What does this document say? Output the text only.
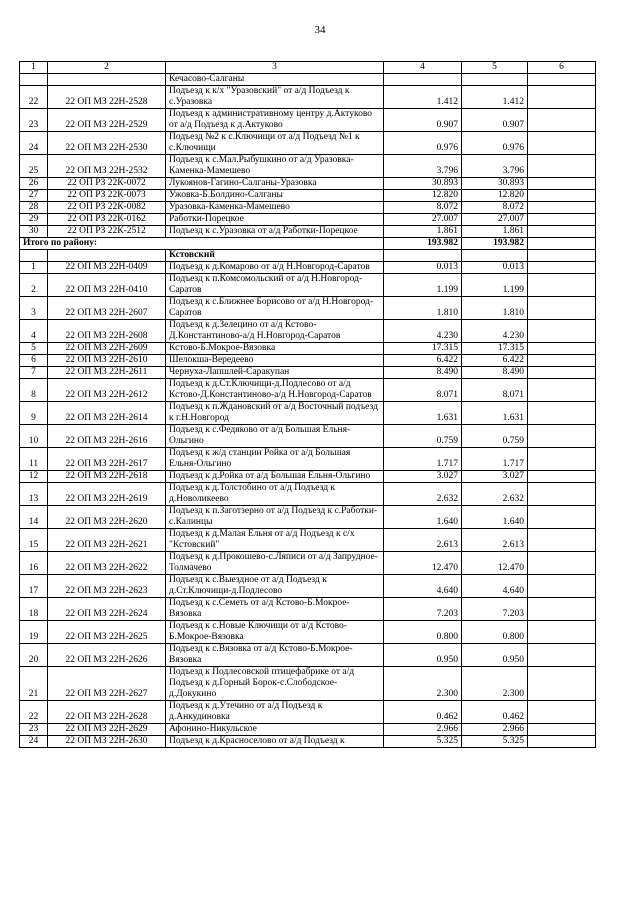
34
1	2	3	4	5	6
		Кечасово-Салганы			
22	22 ОП МЗ 22Н-2528	Подъезд к к/х "Уразовский" от а/д Подъезд к с.Уразовка	1.412	1.412	
23	22 ОП МЗ 22Н-2529	Подъезд к административному центру д.Актуково от а/д Подъезд к д.Актуково	0.907	0.907	
24	22 ОП МЗ 22Н-2530	Подъезд №2 к с.Ключищи от а/д Подъезд №1 к с.Ключищи	0.976	0.976	
25	22 ОП МЗ 22Н-2532	Подъезд к с.Мал.Рыбушкино от а/д Уразовка-Каменка-Мамешево	3.796	3.796	
26	22 ОП РЗ 22К-0072	Лукоянов-Гагино-Салганы-Уразовка	30.893	30.893	
27	22 ОП РЗ 22К-0073	Ужовка-Б.Болдино-Салганы	12.820	12.820	
28	22 ОП РЗ 22К-0082	Уразовка-Каменка-Мамешево	8.072	8.072	
29	22 ОП РЗ 22К-0162	Работки-Порецкое	27.007	27.007	
30	22 ОП РЗ 22К-2512	Подъезд к с.Уразовка от а/д Работки-Порецкое	1.861	1.861	
Итого по району:			193.982	193.982	
		Кстовский			
1	22 ОП МЗ 22Н-0409	Подъезд к д.Комарово от а/д Н.Новгород-Саратов	0.013	0.013	
2	22 ОП МЗ 22Н-0410	Подъезд к п.Комсомольский от а/д Н.Новгород-Саратов	1.199	1.199	
3	22 ОП МЗ 22Н-2607	Подъезд к с.Ближнее Борисово от а/д Н.Новгород-Саратов	1.810	1.810	
4	22 ОП МЗ 22Н-2608	Подъезд к д.Зелецино от а/д Кстово-Д.Константиново-а/д Н.Новгород-Саратов	4.230	4.230	
5	22 ОП МЗ 22Н-2609	Кстово-Б.Мокрое-Вязовка	17.315	17.315	
6	22 ОП МЗ 22Н-2610	Шелокша-Вередеево	6.422	6.422	
7	22 ОП МЗ 22Н-2611	Чернуха-Лапшлей-Саракупан	8.490	8.490	
8	22 ОП МЗ 22Н-2612	Подъезд к д.Ст.Ключищи-д.Подлесово от а/д Кстово-Д.Константиново-а/д Н.Новгород-Саратов	8.071	8.071	
9	22 ОП МЗ 22Н-2614	Подъезд к п.Ждановский от а/д Восточный подъезд к г.Н.Новгород	1.631	1.631	
10	22 ОП МЗ 22Н-2616	Подъезд к с.Федяково от а/д Большая Ельня-Ольгино	0.759	0.759	
11	22 ОП МЗ 22Н-2617	Подъезд к ж/д станции Ройка от а/д Большая Ельня-Ольгино	1.717	1.717	
12	22 ОП МЗ 22Н-2618	Подъезд к д.Ройка от а/д Большая Ельня-Ольгино	3.027	3.027	
13	22 ОП МЗ 22Н-2619	Подъезд к д.Толстобино от а/д Подъезд к д.Новоликеево	2.632	2.632	
14	22 ОП МЗ 22Н-2620	Подъезд к п.Заготзерно от а/д Подъезд к с.Работки-с.Калинцы	1.640	1.640	
15	22 ОП МЗ 22Н-2621	Подъезд к д.Малая Ельня от а/д Подъезд к с/х "Кстовский"	2.613	2.613	
16	22 ОП МЗ 22Н-2622	Подъезд к д.Прокошево-с.Ляписи от а/д Запрудное-Толмачево	12.470	12.470	
17	22 ОП МЗ 22Н-2623	Подъезд к с.Выездное от а/д Подъезд к д.Ст.Ключищи-д.Подлесово	4.640	4.640	
18	22 ОП МЗ 22Н-2624	Подъезд к с.Семеть от а/д Кстово-Б.Мокрое-Вязовка	7.203	7.203	
19	22 ОП МЗ 22Н-2625	Подъезд к с.Новые Ключищи от а/д Кстово-Б.Мокрое-Вязовка	0.800	0.800	
20	22 ОП МЗ 22Н-2626	Подъезд к с.Вязовка от а/д Кстово-Б.Мокрое-Вязовка	0.950	0.950	
21	22 ОП МЗ 22Н-2627	Подъезд к Подлесовской птицефабрике от а/д Подъезд к д.Горный Борок-с.Слободское-д.Докукино	2.300	2.300	
22	22 ОП МЗ 22Н-2628	Подъезд к д.Утечино от а/д Подъезд к д.Анкудиновка	0.462	0.462	
23	22 ОП МЗ 22Н-2629	Афонино-Никульское	2.966	2.966	
24	22 ОП МЗ 22Н-2630	Подъезд к д.Красноселово от а/д Подъезд к	5.325	5.325	
